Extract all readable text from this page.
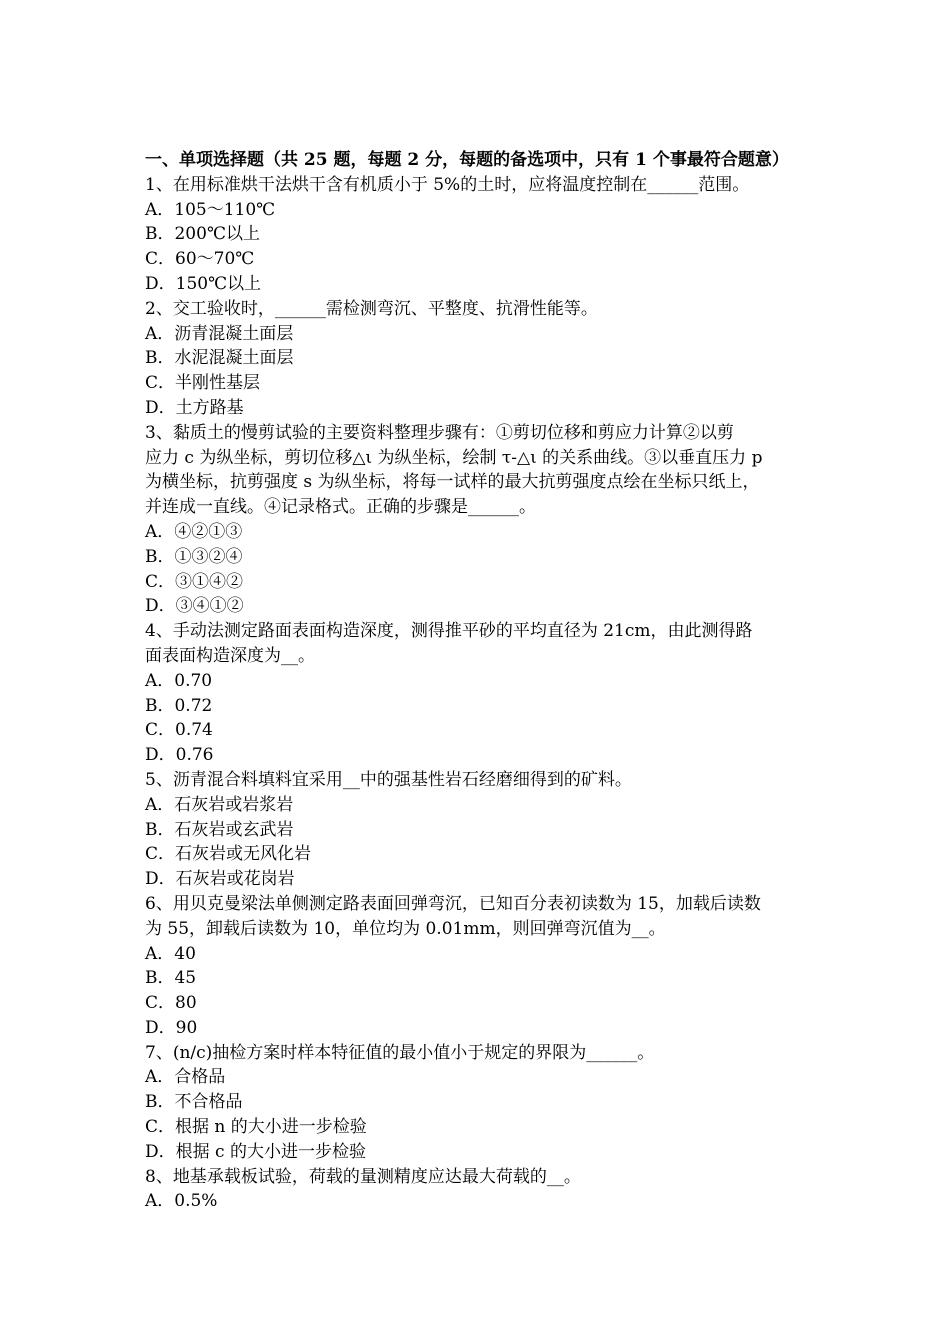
一、单项选择题（共 25 题，每题 2 分，每题的备选项中，只有 1 个事最符合题意）
1、在用标准烘干法烘干含有机质小于 5%的土时，应将温度控制在______范围。
A．105～110℃
B．200℃以上
C．60～70℃
D．150℃以上
2、交工验收时，______需检测弯沉、平整度、抗滑性能等。
A．沥青混凝土面层
B．水泥混凝土面层
C．半刚性基层
D．土方路基
3、黏质土的慢剪试验的主要资料整理步骤有：①剪切位移和剪应力计算②以剪
应力 c 为纵坐标，剪切位移△ι 为纵坐标，绘制 τ-△ι 的关系曲线。③以垂直压力 p
为横坐标，抗剪强度 s 为纵坐标，将每一试样的最大抗剪强度点绘在坐标只纸上，
并连成一直线。④记录格式。正确的步骤是______。
A．④②①③
B．①③②④
C．③①④②
D．③④①②
4、手动法测定路面表面构造深度，测得推平砂的平均直径为 21cm，由此测得路
面表面构造深度为__。
A．0.70
B．0.72
C．0.74
D．0.76
5、沥青混合料填料宜采用__中的强基性岩石经磨细得到的矿料。
A．石灰岩或岩浆岩
B．石灰岩或玄武岩
C．石灰岩或无风化岩
D．石灰岩或花岗岩
6、用贝克曼梁法单侧测定路表面回弹弯沉，已知百分表初读数为 15，加载后读数
为 55，卸载后读数为 10，单位均为 0.01mm，则回弹弯沉值为__。
A．40
B．45
C．80
D．90
7、(n/c)抽检方案时样本特征值的最小值小于规定的界限为______。
A．合格品
B．不合格品
C．根据 n 的大小进一步检验
D．根据 c 的大小进一步检验
8、地基承载板试验，荷载的量测精度应达最大荷载的__。
A．0.5%
